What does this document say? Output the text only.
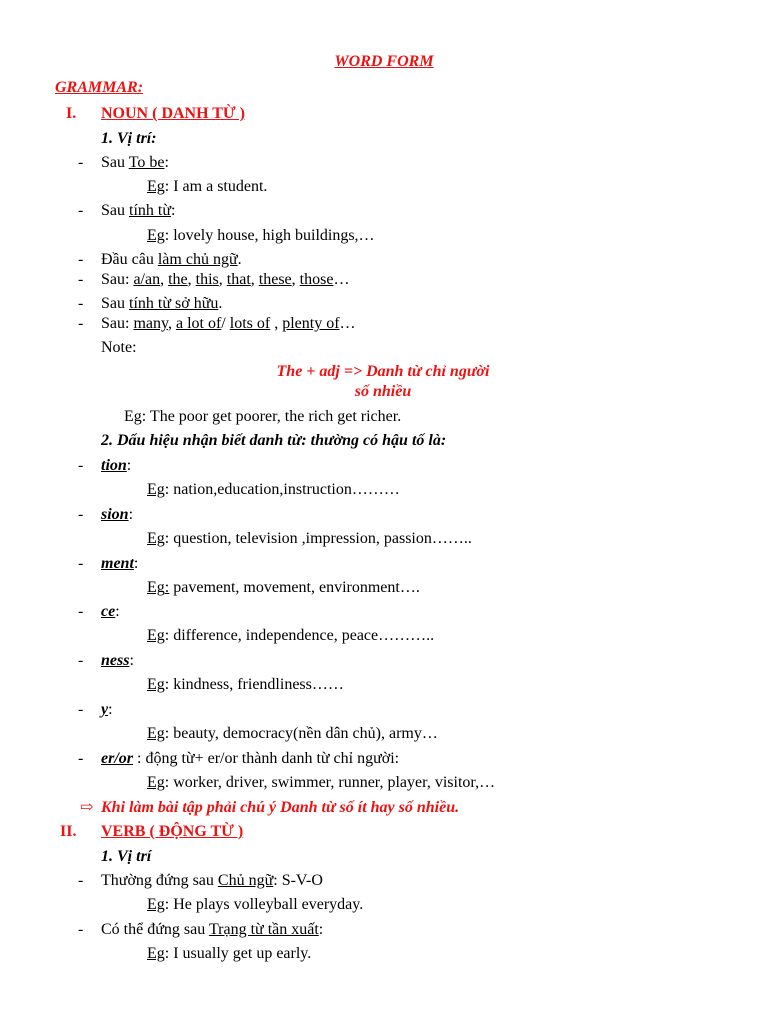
WORD FORM
GRAMMAR:
I. NOUN ( DANH TỪ )
1. Vị trí:
- Sau To be:
Eg: I am a student.
- Sau tính từ:
Eg: lovely house, high buildings,…
- Đầu câu làm chủ ngữ.
- Sau: a/an, the, this, that, these, those…
- Sau tính từ sở hữu.
- Sau: many, a lot of/ lots of , plenty of…
Note:
The + adj => Danh từ chỉ người
số nhiều
Eg: The poor get poorer, the rich get richer.
2. Dấu hiệu nhận biết danh từ: thường có hậu tố là:
- tion:
Eg: nation,education,instruction………
- sion:
Eg: question, television ,impression, passion……..
- ment:
Eg: pavement, movement, environment….
- ce:
Eg: difference, independence, peace………..
- ness:
Eg: kindness, friendliness……
- y:
Eg: beauty, democracy(nền dân chủ), army…
- er/or : động từ+ er/or thành danh từ chỉ người:
Eg: worker, driver, swimmer, runner, player, visitor,…
⇨ Khi làm bài tập phải chú ý Danh từ số ít hay số nhiều.
II. VERB ( ĐỘNG TỪ )
1. Vị trí
- Thường đứng sau Chủ ngữ: S-V-O
Eg: He plays volleyball everyday.
- Có thể đứng sau Trạng từ tần xuất:
Eg: I usually get up early.
